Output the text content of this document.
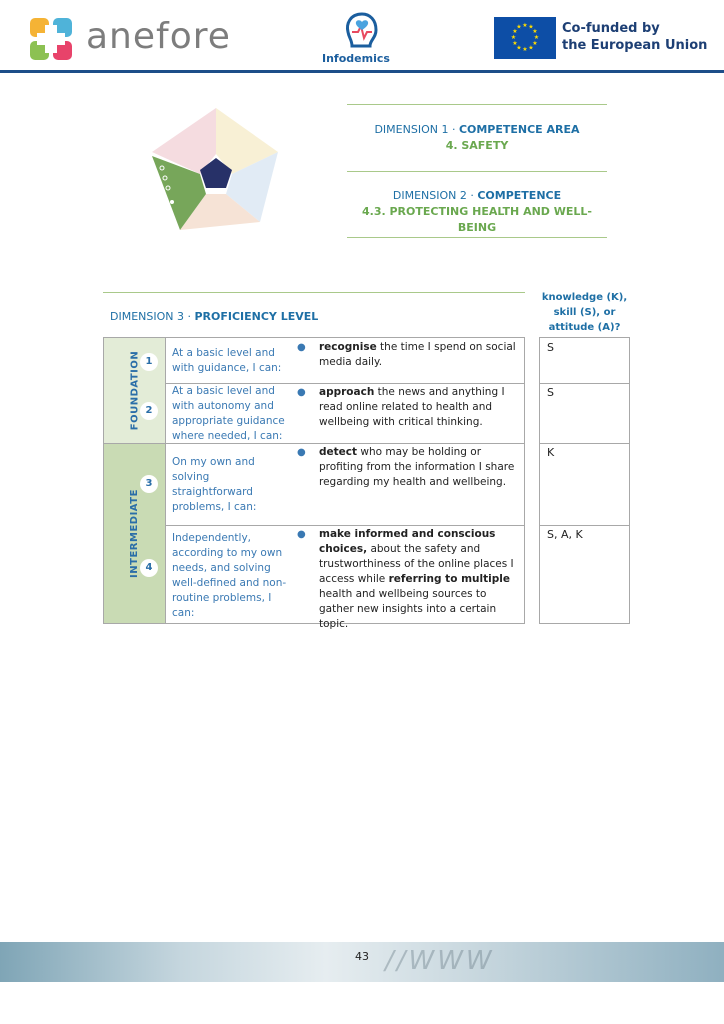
anefore
Infodemics
★ ★
★
★
★
★
★
★
★
★
★
★	Co-funded by
the European Union
DIMENSION 1 · COMPETENCE AREA
4. SAFETY
DIMENSION 2 · COMPETENCE
4.3. PROTECTING HEALTH AND WELL-BEING
DIMENSION 3 · PROFICIENCY LEVEL
knowledge (K),
skill (S), or
attitude (A)?
FOUNDATION
INTERMEDIATE
1
At a basic level and with guidance, I can:
● recognise the time I spend on social media daily.
2
At a basic level and with autonomy and appropriate guidance where needed, I can:
● approach the news and anything I read online related to health and wellbeing with critical thinking.
3
On my own and solving straightforward problems, I can:
● detect who may be holding or profiting from the information I share regarding my health and wellbeing.
4
Independently, according to my own needs, and solving well-defined and non-routine problems, I can:
● make informed and conscious choices, about the safety and trustworthiness of the online places I access while referring to multiple health and wellbeing sources to gather new insights into a certain topic.
S
S
K
S, A, K
//WWW
43
